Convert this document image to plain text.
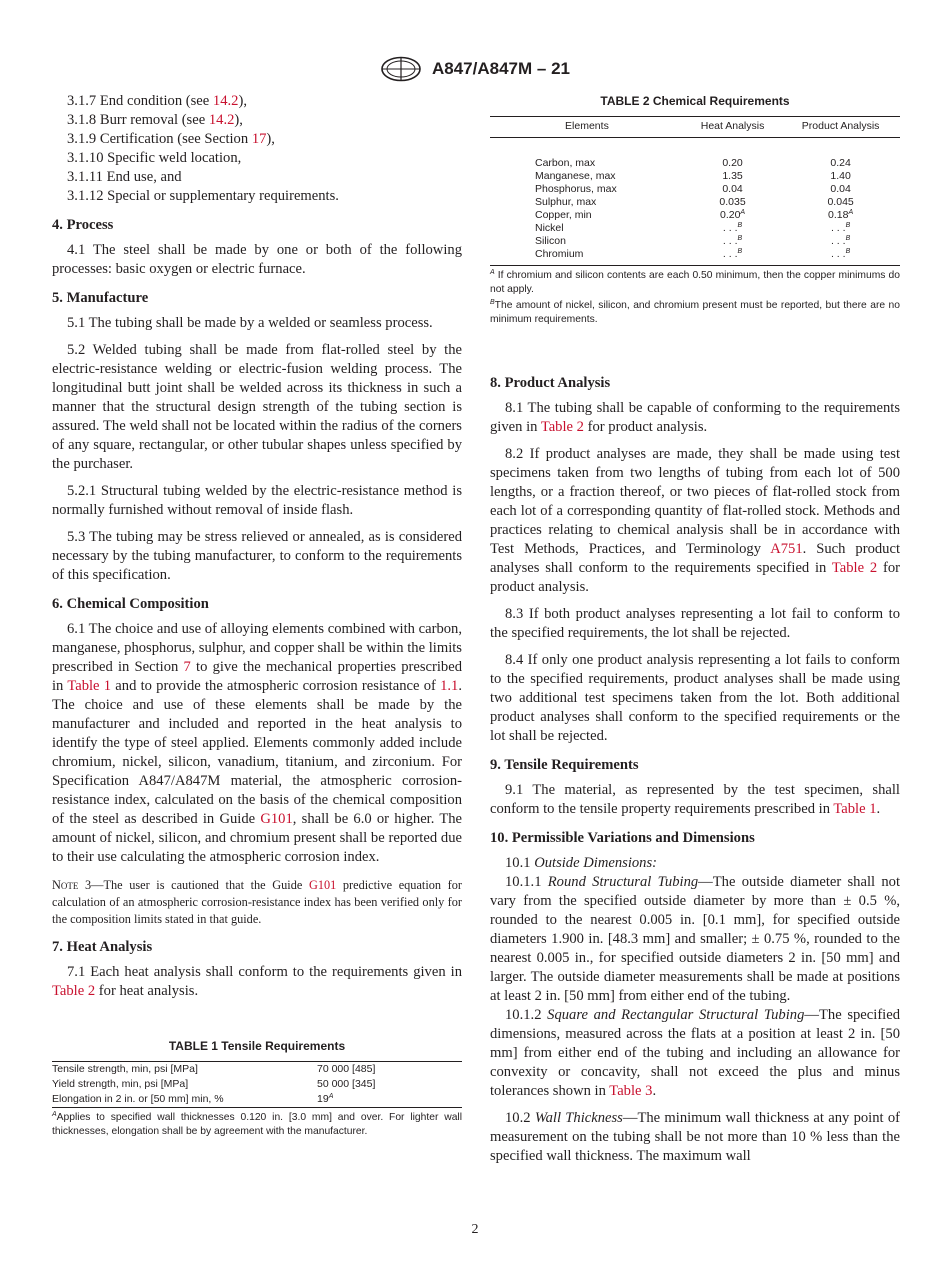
A847/A847M – 21

3.1.7 End condition (see 14.2),

3.1.8 Burr removal (see 14.2),

3.1.9 Certification (see Section 17),

3.1.10 Specific weld location,

3.1.11 End use, and

3.1.12 Special or supplementary requirements.

4. Process

4.1 The steel shall be made by one or both of the following processes: basic oxygen or electric furnace.

5. Manufacture

5.1 The tubing shall be made by a welded or seamless process.

5.2 Welded tubing shall be made from flat-rolled steel by the electric-resistance welding or electric-fusion welding process. The longitudinal butt joint shall be welded across its thickness in such a manner that the structural design strength of the tubing section is assured. The weld shall not be located within the radius of the corners of any square, rectangular, or other tubular shapes unless specified by the purchaser.

5.2.1 Structural tubing welded by the electric-resistance method is normally furnished without removal of inside flash.

5.3 The tubing may be stress relieved or annealed, as is considered necessary by the tubing manufacturer, to conform to the requirements of this specification.

6. Chemical Composition

6.1 The choice and use of alloying elements combined with carbon, manganese, phosphorus, sulphur, and copper shall be within the limits prescribed in Section 7 to give the mechanical properties prescribed in Table 1 and to provide the atmospheric corrosion resistance of 1.1. The choice and use of these elements shall be made by the manufacturer and included and reported in the heat analysis to identify the type of steel applied. Elements commonly added include chromium, nickel, silicon, vanadium, titanium, and zirconium. For Specification A847/A847M material, the atmospheric corrosion-resistance index, calculated on the basis of the chemical composition of the steel as described in Guide G101, shall be 6.0 or higher. The amount of nickel, silicon, and chromium present shall be reported due to their use calculating the atmospheric corrosion index.

Note 3—The user is cautioned that the Guide G101 predictive equation for calculation of an atmospheric corrosion-resistance index has been verified only for the composition limits stated in that guide.

7. Heat Analysis

7.1 Each heat analysis shall conform to the requirements given in Table 2 for heat analysis.

TABLE 1 Tensile Requirements
Tensile strength, min, psi [MPa]	70 000 [485]
Yield strength, min, psi [MPa]	50 000 [345]
Elongation in 2 in. or [50 mm] min, %	$19^A$
$^A$Applies to specified wall thicknesses 0.120 in. [3.0 mm] and over. For lighter wall thicknesses, elongation shall be by agreement with the manufacturer.
TABLE 2 Chemical Requirements
Elements	Heat Analysis	Product Analysis

Carbon, max	0.20	0.24
Manganese, max	1.35	1.40
Phosphorus, max	0.04	0.04
Sulphur, max	0.035	0.045
Copper, min	$0.20^A$	$0.18^A$
Nickel	. . .$^B$	. . .$^B$
Silicon	. . .$^B$	. . .$^B$
Chromium	. . .$^B$	. . .$^B$

$^A$ If chromium and silicon contents are each 0.50 minimum, then the copper minimums do not apply.
$^B$The amount of nickel, silicon, and chromium present must be reported, but there are no minimum requirements.
8. Product Analysis

8.1 The tubing shall be capable of conforming to the requirements given in Table 2 for product analysis.

8.2 If product analyses are made, they shall be made using test specimens taken from two lengths of tubing from each lot of 500 lengths, or a fraction thereof, or two pieces of flat-rolled stock from each lot of a corresponding quantity of flat-rolled stock. Methods and practices relating to chemical analysis shall be in accordance with Test Methods, Practices, and Terminology A751. Such product analyses shall conform to the requirements specified in Table 2 for product analysis.

8.3 If both product analyses representing a lot fail to conform to the specified requirements, the lot shall be rejected.

8.4 If only one product analysis representing a lot fails to conform to the specified requirements, product analyses shall be made using two additional test specimens taken from the lot. Both additional product analyses shall conform to the specified requirements or the lot shall be rejected.

9. Tensile Requirements

9.1 The material, as represented by the test specimen, shall conform to the tensile property requirements prescribed in Table 1.

10. Permissible Variations and Dimensions

10.1 Outside Dimensions:

10.1.1 Round Structural Tubing—The outside diameter shall not vary from the specified outside diameter by more than ± 0.5 %, rounded to the nearest 0.005 in. [0.1 mm], for specified outside diameters 1.900 in. [48.3 mm] and smaller; ± 0.75 %, rounded to the nearest 0.005 in., for specified outside diameters 2 in. [50 mm] and larger. The outside diameter measurements shall be made at positions at least 2 in. [50 mm] from either end of the tubing.

10.1.2 Square and Rectangular Structural Tubing—The specified dimensions, measured across the flats at a position at least 2 in. [50 mm] from either end of the tubing and including an allowance for convexity or concavity, shall not exceed the plus and minus tolerances shown in Table 3.

10.2 Wall Thickness—The minimum wall thickness at any point of measurement on the tubing shall be not more than 10 % less than the specified wall thickness. The maximum wall

2
